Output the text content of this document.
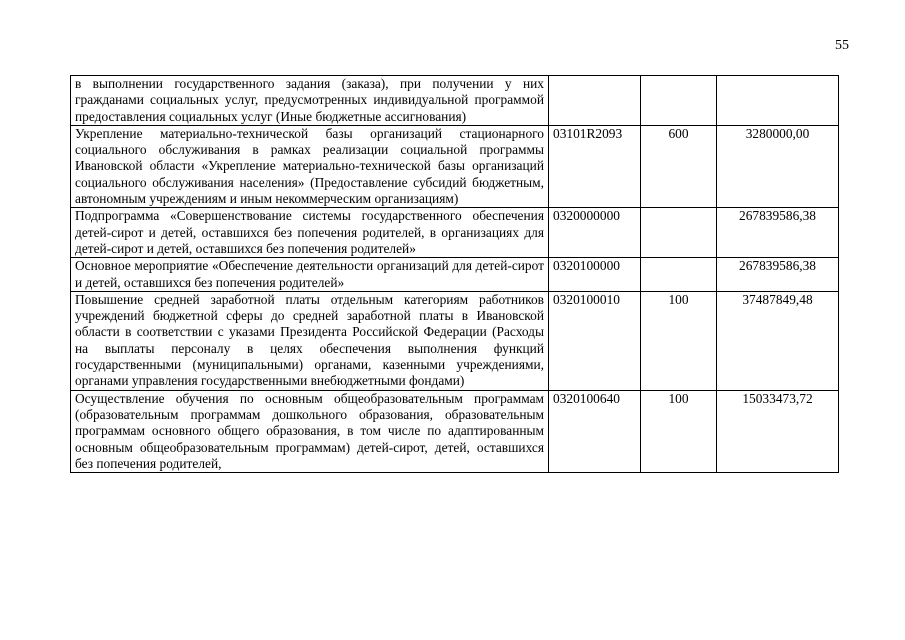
55
в выполнении государственного задания (заказа), при получении у них гражданами социальных услуг, предусмотренных индивидуальной программой предоставления социальных услуг (Иные бюджетные ассигнования)			
Укрепление материально-технической базы организаций стационарного социального обслуживания в рамках реализации социальной программы Ивановской области «Укрепление материально-технической базы организаций социального обслуживания населения» (Предоставление субсидий бюджетным, автономным учреждениям и иным некоммерческим организациям)	03101R2093	600	3280000,00
Подпрограмма «Совершенствование системы государственного обеспечения детей-сирот и детей, оставшихся без попечения родителей, в организациях для детей-сирот и детей, оставшихся без попечения родителей»	0320000000		267839586,38
Основное мероприятие «Обеспечение деятельности организаций для детей-сирот и детей, оставшихся без попечения родителей»	0320100000		267839586,38
Повышение средней заработной платы отдельным категориям работников учреждений бюджетной сферы до средней заработной платы в Ивановской области в соответствии с указами Президента Российской Федерации (Расходы на выплаты персоналу в целях обеспечения выполнения функций государственными (муниципальными) органами, казенными учреждениями, органами управления государственными внебюджетными фондами)	0320100010	100	37487849,48
Осуществление обучения по основным общеобразовательным программам (образовательным программам дошкольного образования, образовательным программам основного общего образования, в том числе по адаптированным основным общеобразовательным программам) детей-сирот, детей, оставшихся без попечения родителей,	0320100640	100	15033473,72
